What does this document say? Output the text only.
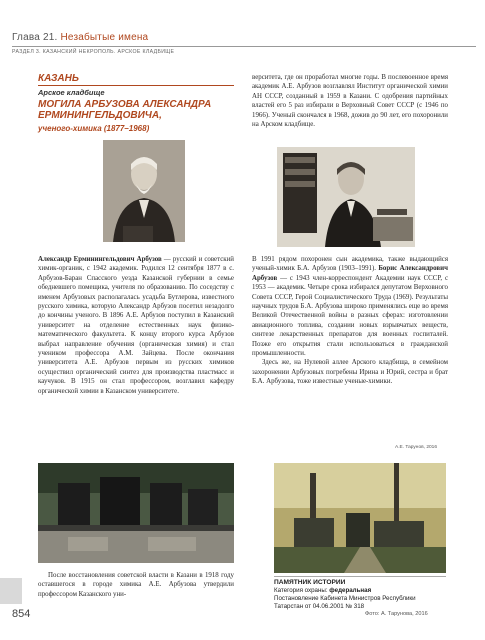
Глава 21. Незабытые имена
РАЗДЕЛ 3. КАЗАНСКИЙ НЕКРОПОЛЬ. АРСКОЕ КЛАДБИЩЕ
КАЗАНЬ
Арское кладбище
МОГИЛА АРБУЗОВА АЛЕКСАНДРА ЕРМИНИНГЕЛЬДОВИЧА,
ученого-химика (1877–1968)

Александр Ерминингельдович Арбузов — русский и советский химик-органик, с 1942 академик. Родился 12 сентября 1877 в с. Арбузов-Баран Спасского уезда Казанской губернии в семье обедневшего помещика, учителя по образованию. По соседству с именем Арбузовых располагалась усадьба Бутлерова, известного русского химика, которую Александр Арбузов посетил незадолго до кончины ученого. В 1896 А.Е. Арбузов поступил в Казанский университет на отделение естественных наук физико-математического факультета. К концу второго курса Арбузов выбрал направление обучения (органическая химия) и стал учеником профессора А.М. Зайцева. После окончания университета А.Е. Арбузов первым из русских химиков осуществил органический синтез для производства пластмасс и каучуков. В 1915 он стал профессором, возглавил кафедру органической химии в Казанском университете.

верситета, где он проработал многие годы. В послевоенное время академик А.Е. Арбузов возглавлял Институт органической химии АН СССР, созданный в 1959 в Казани. С одобрения партийных властей его 5 раз избирали в Верховный Совет СССР (с 1946 по 1966). Ученый скончался в 1968, дожив до 90 лет, его похоронили на Арском кладбище.

В 1991 рядом похоронен сын академика, также выдающийся ученый-химик Б.А. Арбузов (1903–1991). Борис Александрович Арбузов — с 1943 член-корреспондент Академии наук СССР, с 1953 — академик. Четыре срока избирался депутатом Верховного Совета СССР, Герой Социалистического Труда (1969). Результаты научных трудов Б.А. Арбузова широко применялись еще во время Великой Отечественной войны в разных сферах: изготовлении авиационного топлива, создании новых взрывчатых веществ, синтезе лекарственных препаратов для военных госпиталей. Позже его открытия стали использоваться в гражданской промышленности.

Здесь же, на Нулевой аллее Арского кладбища, в семейном захоронении Арбузовых погребены Ирина и Юрий, сестра и брат Б.А. Арбузова, тоже известные ученые-химики.

А.Е. Тарунов, 2016

После восстановления советской власти в Казани в 1918 году оставшегося в городе химика А.Е. Арбузова утвердили профессором Казанского уни-

ПАМЯТНИК ИСТОРИИ
Категория охраны: федеральная
Постановление Кабинета Министров Республики Татарстан от 04.06.2001 № 318
854	Фото: А. Тарунова, 2016
